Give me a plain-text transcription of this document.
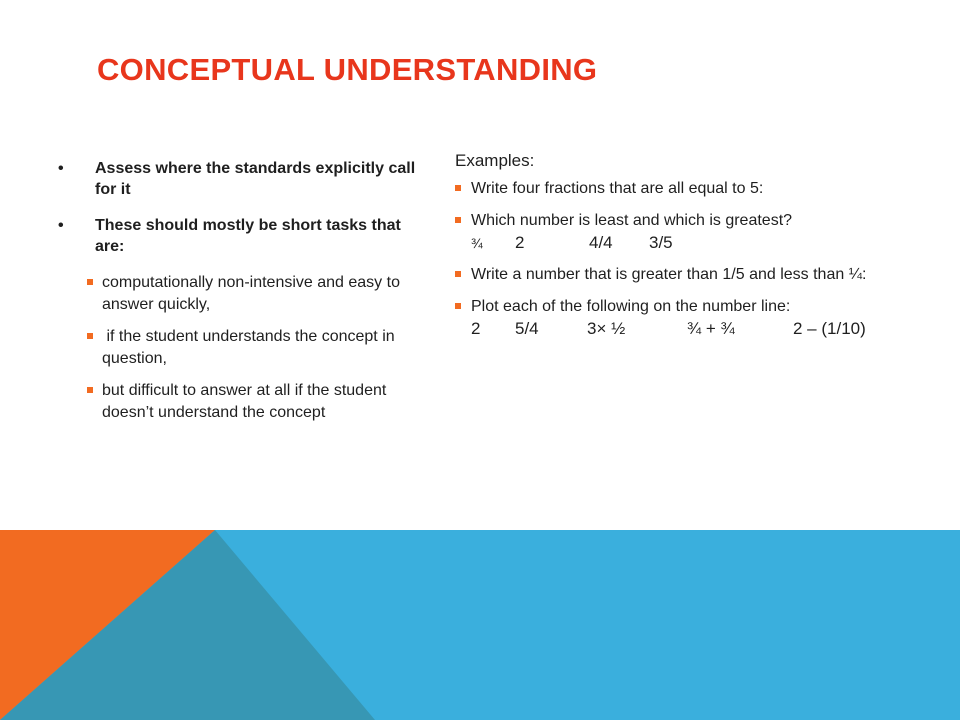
CONCEPTUAL UNDERSTANDING
• Assess where the standards explicitly call for it
• These should mostly be short tasks that are:
computationally non-intensive and easy to answer quickly,
if the student understands the concept in question,
but difficult to answer at all if the student doesn’t understand the concept
Examples:
Write four fractions that are all equal to 5:
Which number is least and which is greatest?
¾	2	4/4	3/5
Write a number that is greater than 1/5 and less than ¼:
Plot each of the following on the number line:
2	5/4	3× ½	¾ + ¾	2 – (1/10)
